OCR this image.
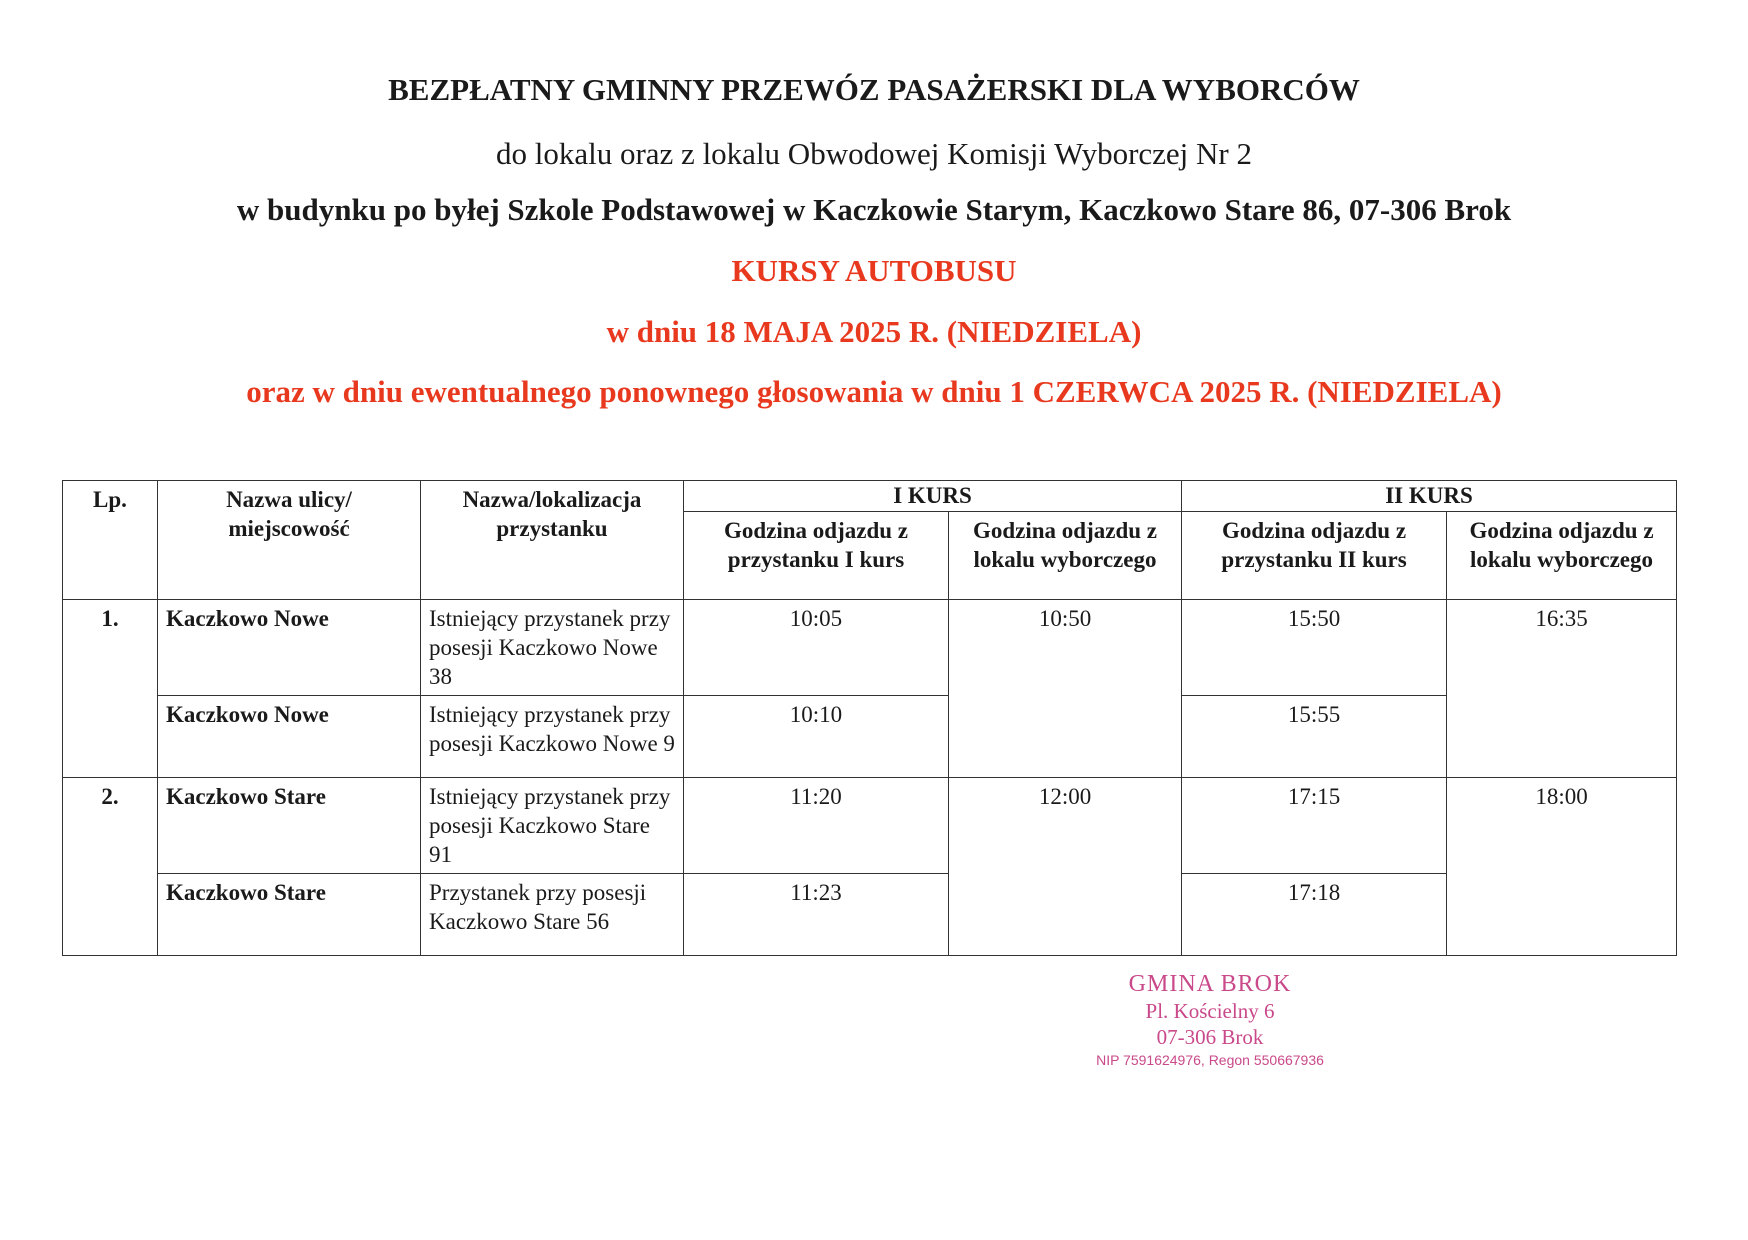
BEZPŁATNY GMINNY PRZEWÓZ PASAŻERSKI DLA WYBORCÓW
do lokalu oraz z lokalu Obwodowej Komisji Wyborczej Nr 2
w budynku po byłej Szkole Podstawowej w Kaczkowie Starym, Kaczkowo Stare 86, 07-306 Brok
KURSY AUTOBUSU
w dniu 18 MAJA 2025 R. (NIEDZIELA)
oraz w dniu ewentualnego ponownego głosowania w dniu 1 CZERWCA 2025 R. (NIEDZIELA)
Lp.	Nazwa ulicy/ miejscowość	Nazwa/lokalizacja przystanku	I KURS		II KURS	
			Godzina odjazdu z przystanku I kurs	Godzina odjazdu z lokalu wyborczego	Godzina odjazdu z przystanku II kurs	Godzina odjazdu z lokalu wyborczego
1.	Kaczkowo Nowe	Istniejący przystanek przy posesji Kaczkowo Nowe 38	10:05	10:50	15:50	16:35
	Kaczkowo Nowe	Istniejący przystanek przy posesji Kaczkowo Nowe 9	10:10		15:55	
2.	Kaczkowo Stare	Istniejący przystanek przy posesji Kaczkowo Stare 91	11:20	12:00	17:15	18:00
	Kaczkowo Stare	Przystanek przy posesji Kaczkowo Stare 56	11:23		17:18	
GMINA BROK
Pl. Kościelny 6
07-306 Brok
NIP 7591624976, Regon 550667936
